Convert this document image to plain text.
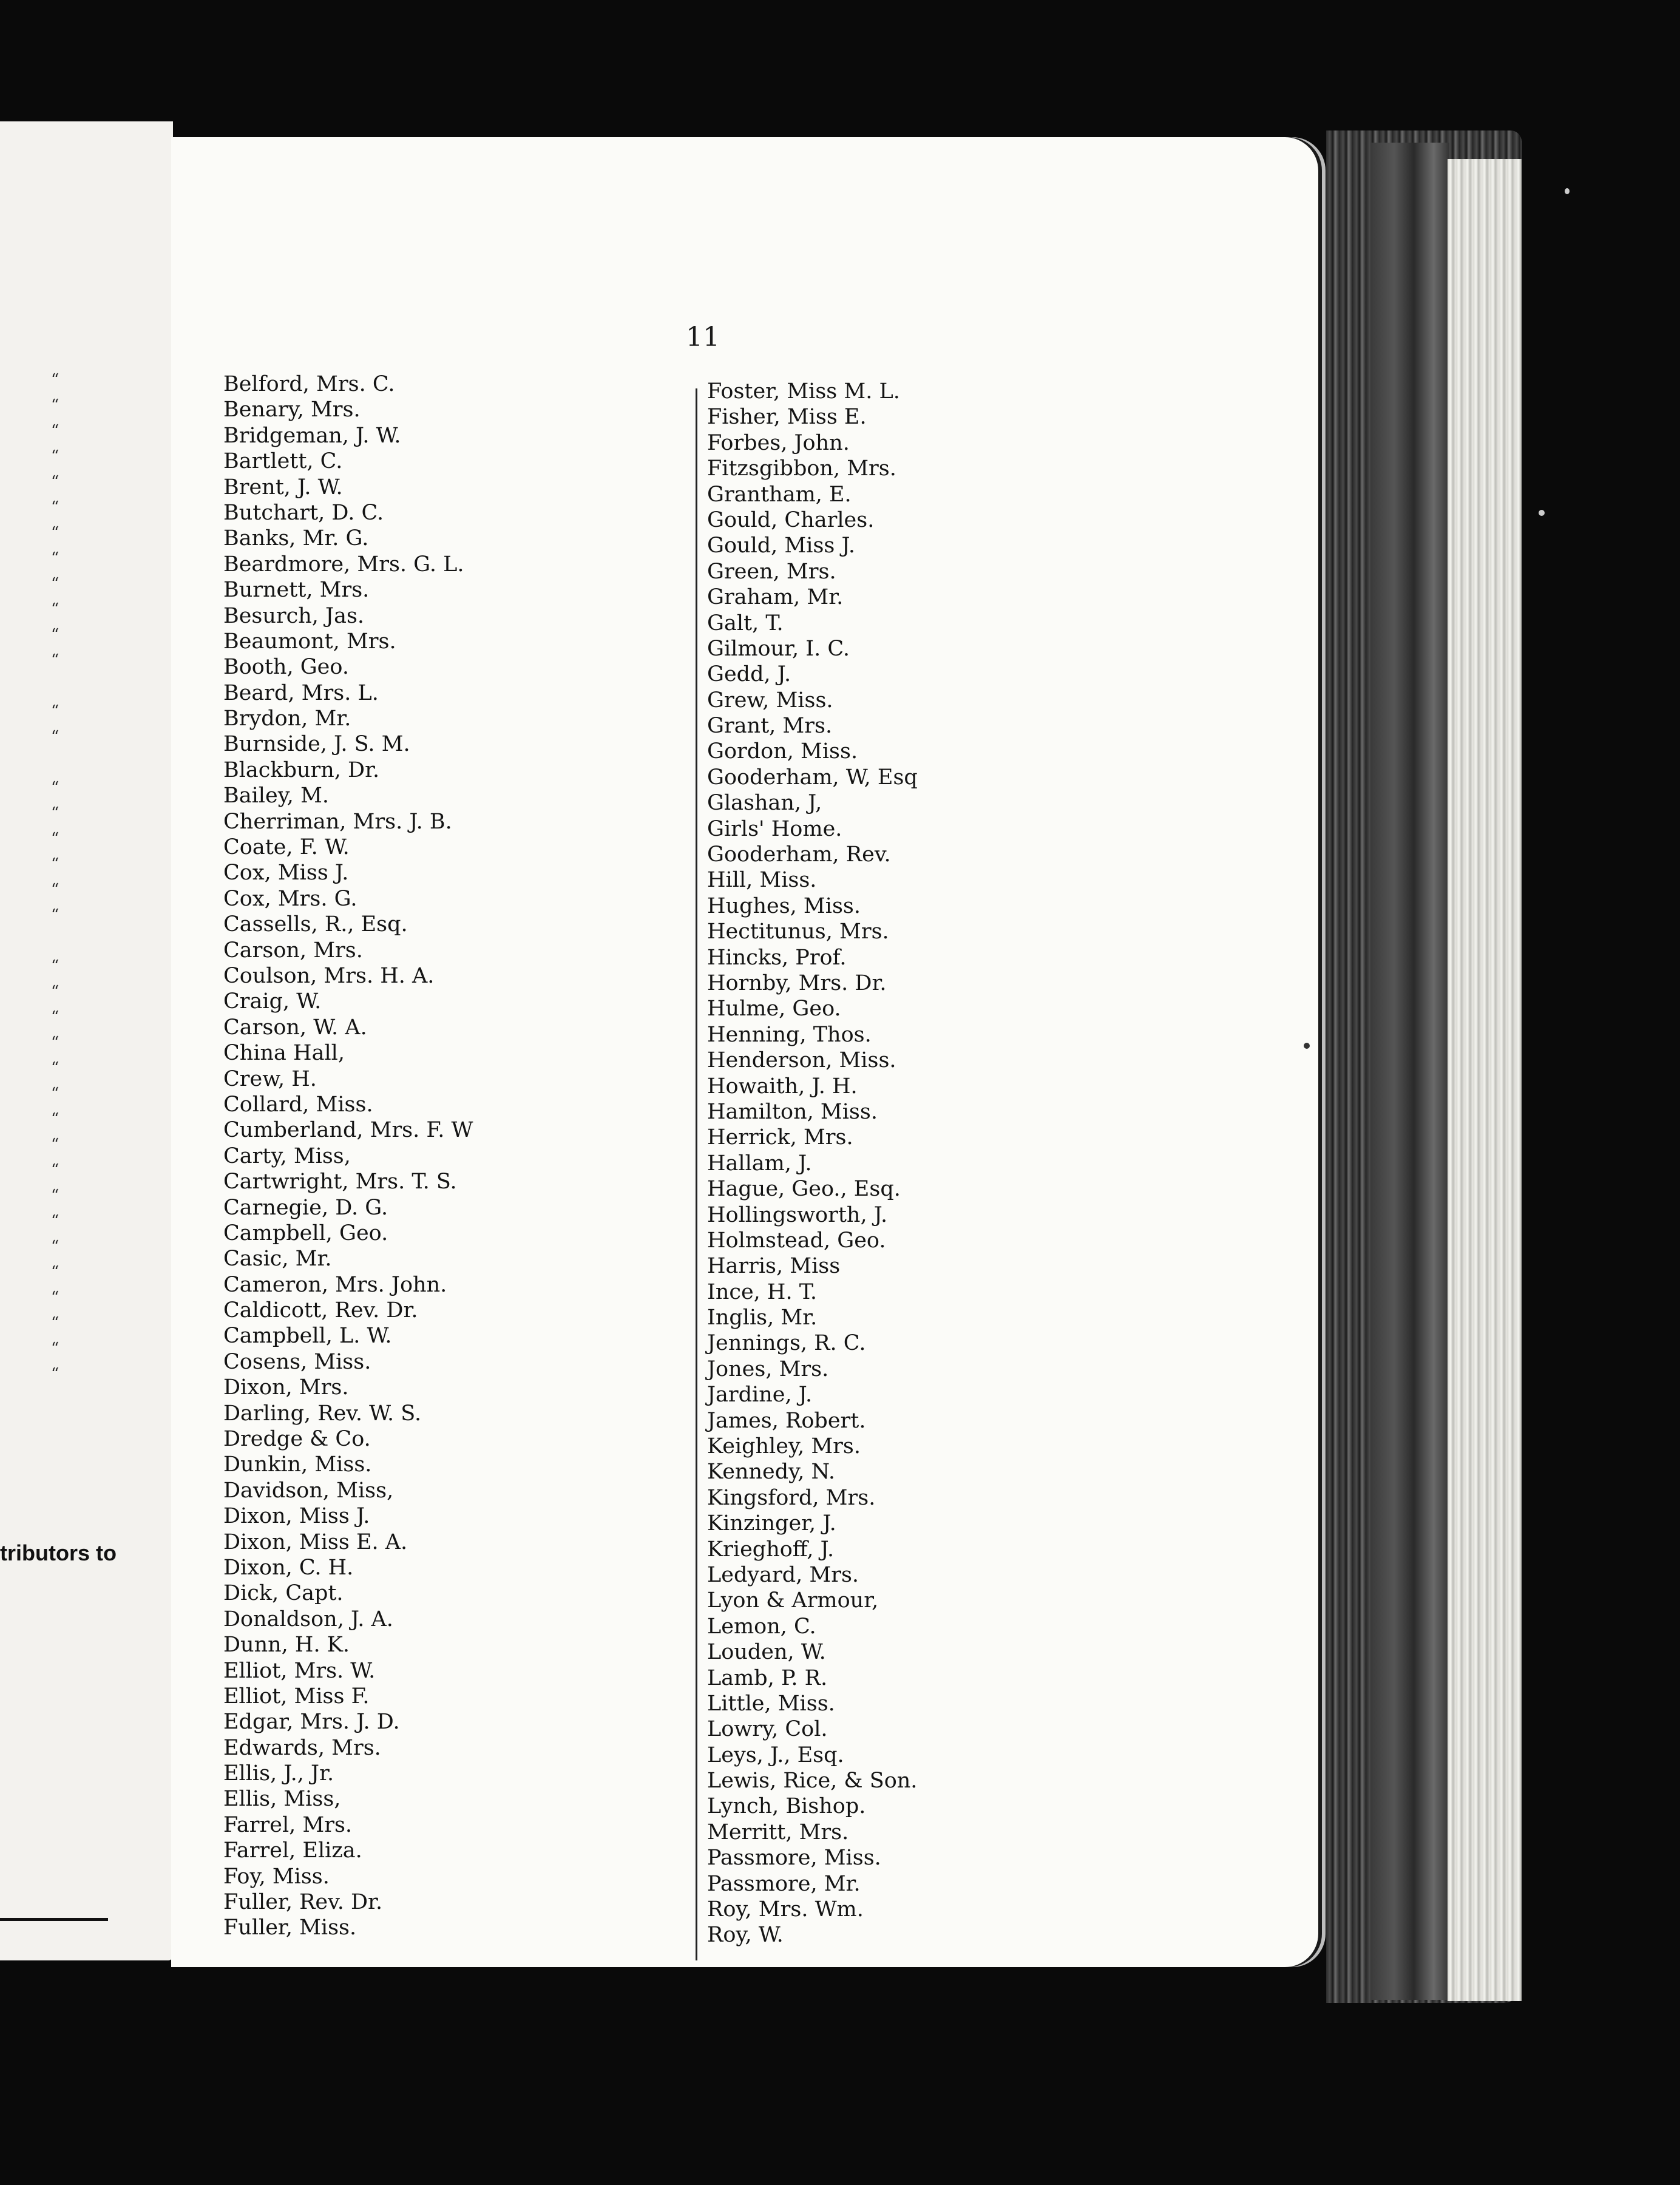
“
“
“
“
“
“
“
“
“
“
“
“
“
“
“
“
“
“
“
“
“
“
“
“
“
“
“
“
“
“
“
“
“
“
“
“
“
tributors to
11
Belford, Mrs. C.
Benary, Mrs.
Bridgeman, J. W.
Bartlett, C.
Brent, J. W.
Butchart, D. C.
Banks, Mr. G.
Beardmore, Mrs. G. L.
Burnett, Mrs.
Besurch, Jas.
Beaumont, Mrs.
Booth, Geo.
Beard, Mrs. L.
Brydon, Mr.
Burnside, J. S. M.
Blackburn, Dr.
Bailey, M.
Cherriman, Mrs. J. B.
Coate, F. W.
Cox, Miss J.
Cox, Mrs. G.
Cassells, R., Esq.
Carson, Mrs.
Coulson, Mrs. H. A.
Craig, W.
Carson, W. A.
China Hall,
Crew, H.
Collard, Miss.
Cumberland, Mrs. F. W
Carty, Miss,
Cartwright, Mrs. T. S.
Carnegie, D. G.
Campbell, Geo.
Casic, Mr.
Cameron, Mrs. John.
Caldicott, Rev. Dr.
Campbell, L. W.
Cosens, Miss.
Dixon, Mrs.
Darling, Rev. W. S.
Dredge & Co.
Dunkin, Miss.
Davidson, Miss,
Dixon, Miss J.
Dixon, Miss E. A.
Dixon, C. H.
Dick, Capt.
Donaldson, J. A.
Dunn, H. K.
Elliot, Mrs. W.
Elliot, Miss F.
Edgar, Mrs. J. D.
Edwards, Mrs.
Ellis, J., Jr.
Ellis, Miss,
Farrel, Mrs.
Farrel, Eliza.
Foy, Miss.
Fuller, Rev. Dr.
Fuller, Miss.
Foster, Miss M. L.
Fisher, Miss E.
Forbes, John.
Fitzsgibbon, Mrs.
Grantham, E.
Gould, Charles.
Gould, Miss J.
Green, Mrs.
Graham, Mr.
Galt, T.
Gilmour, I. C.
Gedd, J.
Grew, Miss.
Grant, Mrs.
Gordon, Miss.
Gooderham, W, Esq
Glashan, J,
Girls' Home.
Gooderham, Rev.
Hill, Miss.
Hughes, Miss.
Hectitunus, Mrs.
Hincks, Prof.
Hornby, Mrs. Dr.
Hulme, Geo.
Henning, Thos.
Henderson, Miss.
Howaith, J. H.
Hamilton, Miss.
Herrick, Mrs.
Hallam, J.
Hague, Geo., Esq.
Hollingsworth, J.
Holmstead, Geo.
Harris, Miss
Ince, H. T.
Inglis, Mr.
Jennings, R. C.
Jones, Mrs.
Jardine, J.
James, Robert.
Keighley, Mrs.
Kennedy, N.
Kingsford, Mrs.
Kinzinger, J.
Krieghoff, J.
Ledyard, Mrs.
Lyon & Armour,
Lemon, C.
Louden, W.
Lamb, P. R.
Little, Miss.
Lowry, Col.
Leys, J., Esq.
Lewis, Rice, & Son.
Lynch, Bishop.
Merritt, Mrs.
Passmore, Miss.
Passmore, Mr.
Roy, Mrs. Wm.
Roy, W.
